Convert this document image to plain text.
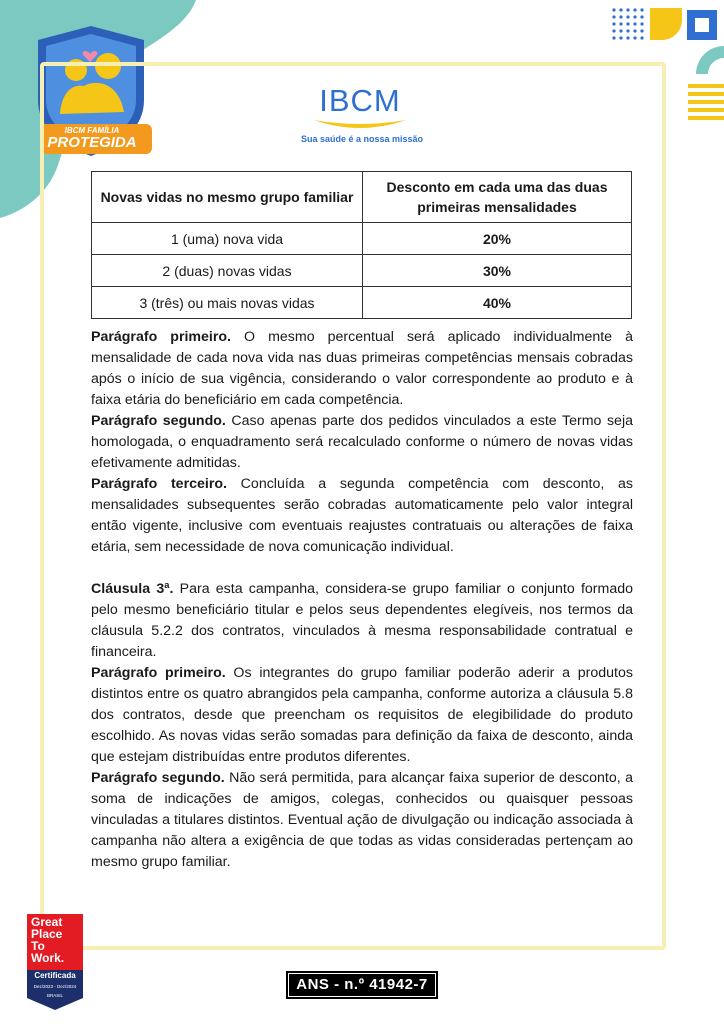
IBCM FAMÍLIA
PROTEGIDA
IBCM
Sua saúde é a nossa missão
Novas vidas no mesmo grupo familiar	Desconto em cada uma das duas primeiras mensalidades
1 (uma) nova vida	20%
2 (duas) novas vidas	30%
3 (três) ou mais novas vidas	40%

Parágrafo primeiro. O mesmo percentual será aplicado individualmente à mensalidade de cada nova vida nas duas primeiras competências mensais cobradas após o início de sua vigência, considerando o valor correspondente ao produto e à faixa etária do beneficiário em cada competência.

Parágrafo segundo. Caso apenas parte dos pedidos vinculados a este Termo seja homologada, o enquadramento será recalculado conforme o número de novas vidas efetivamente admitidas.

Parágrafo terceiro. Concluída a segunda competência com desconto, as mensalidades subsequentes serão cobradas automaticamente pelo valor integral então vigente, inclusive com eventuais reajustes contratuais ou alterações de faixa etária, sem necessidade de nova comunicação individual.

Cláusula 3ª. Para esta campanha, considera-se grupo familiar o conjunto formado pelo mesmo beneficiário titular e pelos seus dependentes elegíveis, nos termos da cláusula 5.2.2 dos contratos, vinculados à mesma responsabilidade contratual e financeira.

Parágrafo primeiro. Os integrantes do grupo familiar poderão aderir a produtos distintos entre os quatro abrangidos pela campanha, conforme autoriza a cláusula 5.8 dos contratos, desde que preencham os requisitos de elegibilidade do produto escolhido. As novas vidas serão somadas para definição da faixa de desconto, ainda que estejam distribuídas entre produtos diferentes.

Parágrafo segundo. Não será permitida, para alcançar faixa superior de desconto, a soma de indicações de amigos, colegas, conhecidos ou quaisquer pessoas vinculadas a titulares distintos. Eventual ação de divulgação ou indicação associada à campanha não altera a exigência de que todas as vidas consideradas pertençam ao mesmo grupo familiar.

Great
Place
To
Work.
Certificada
Dez/2023 - Dez/2024
BRASIL
ANS - n.º 41942-7
